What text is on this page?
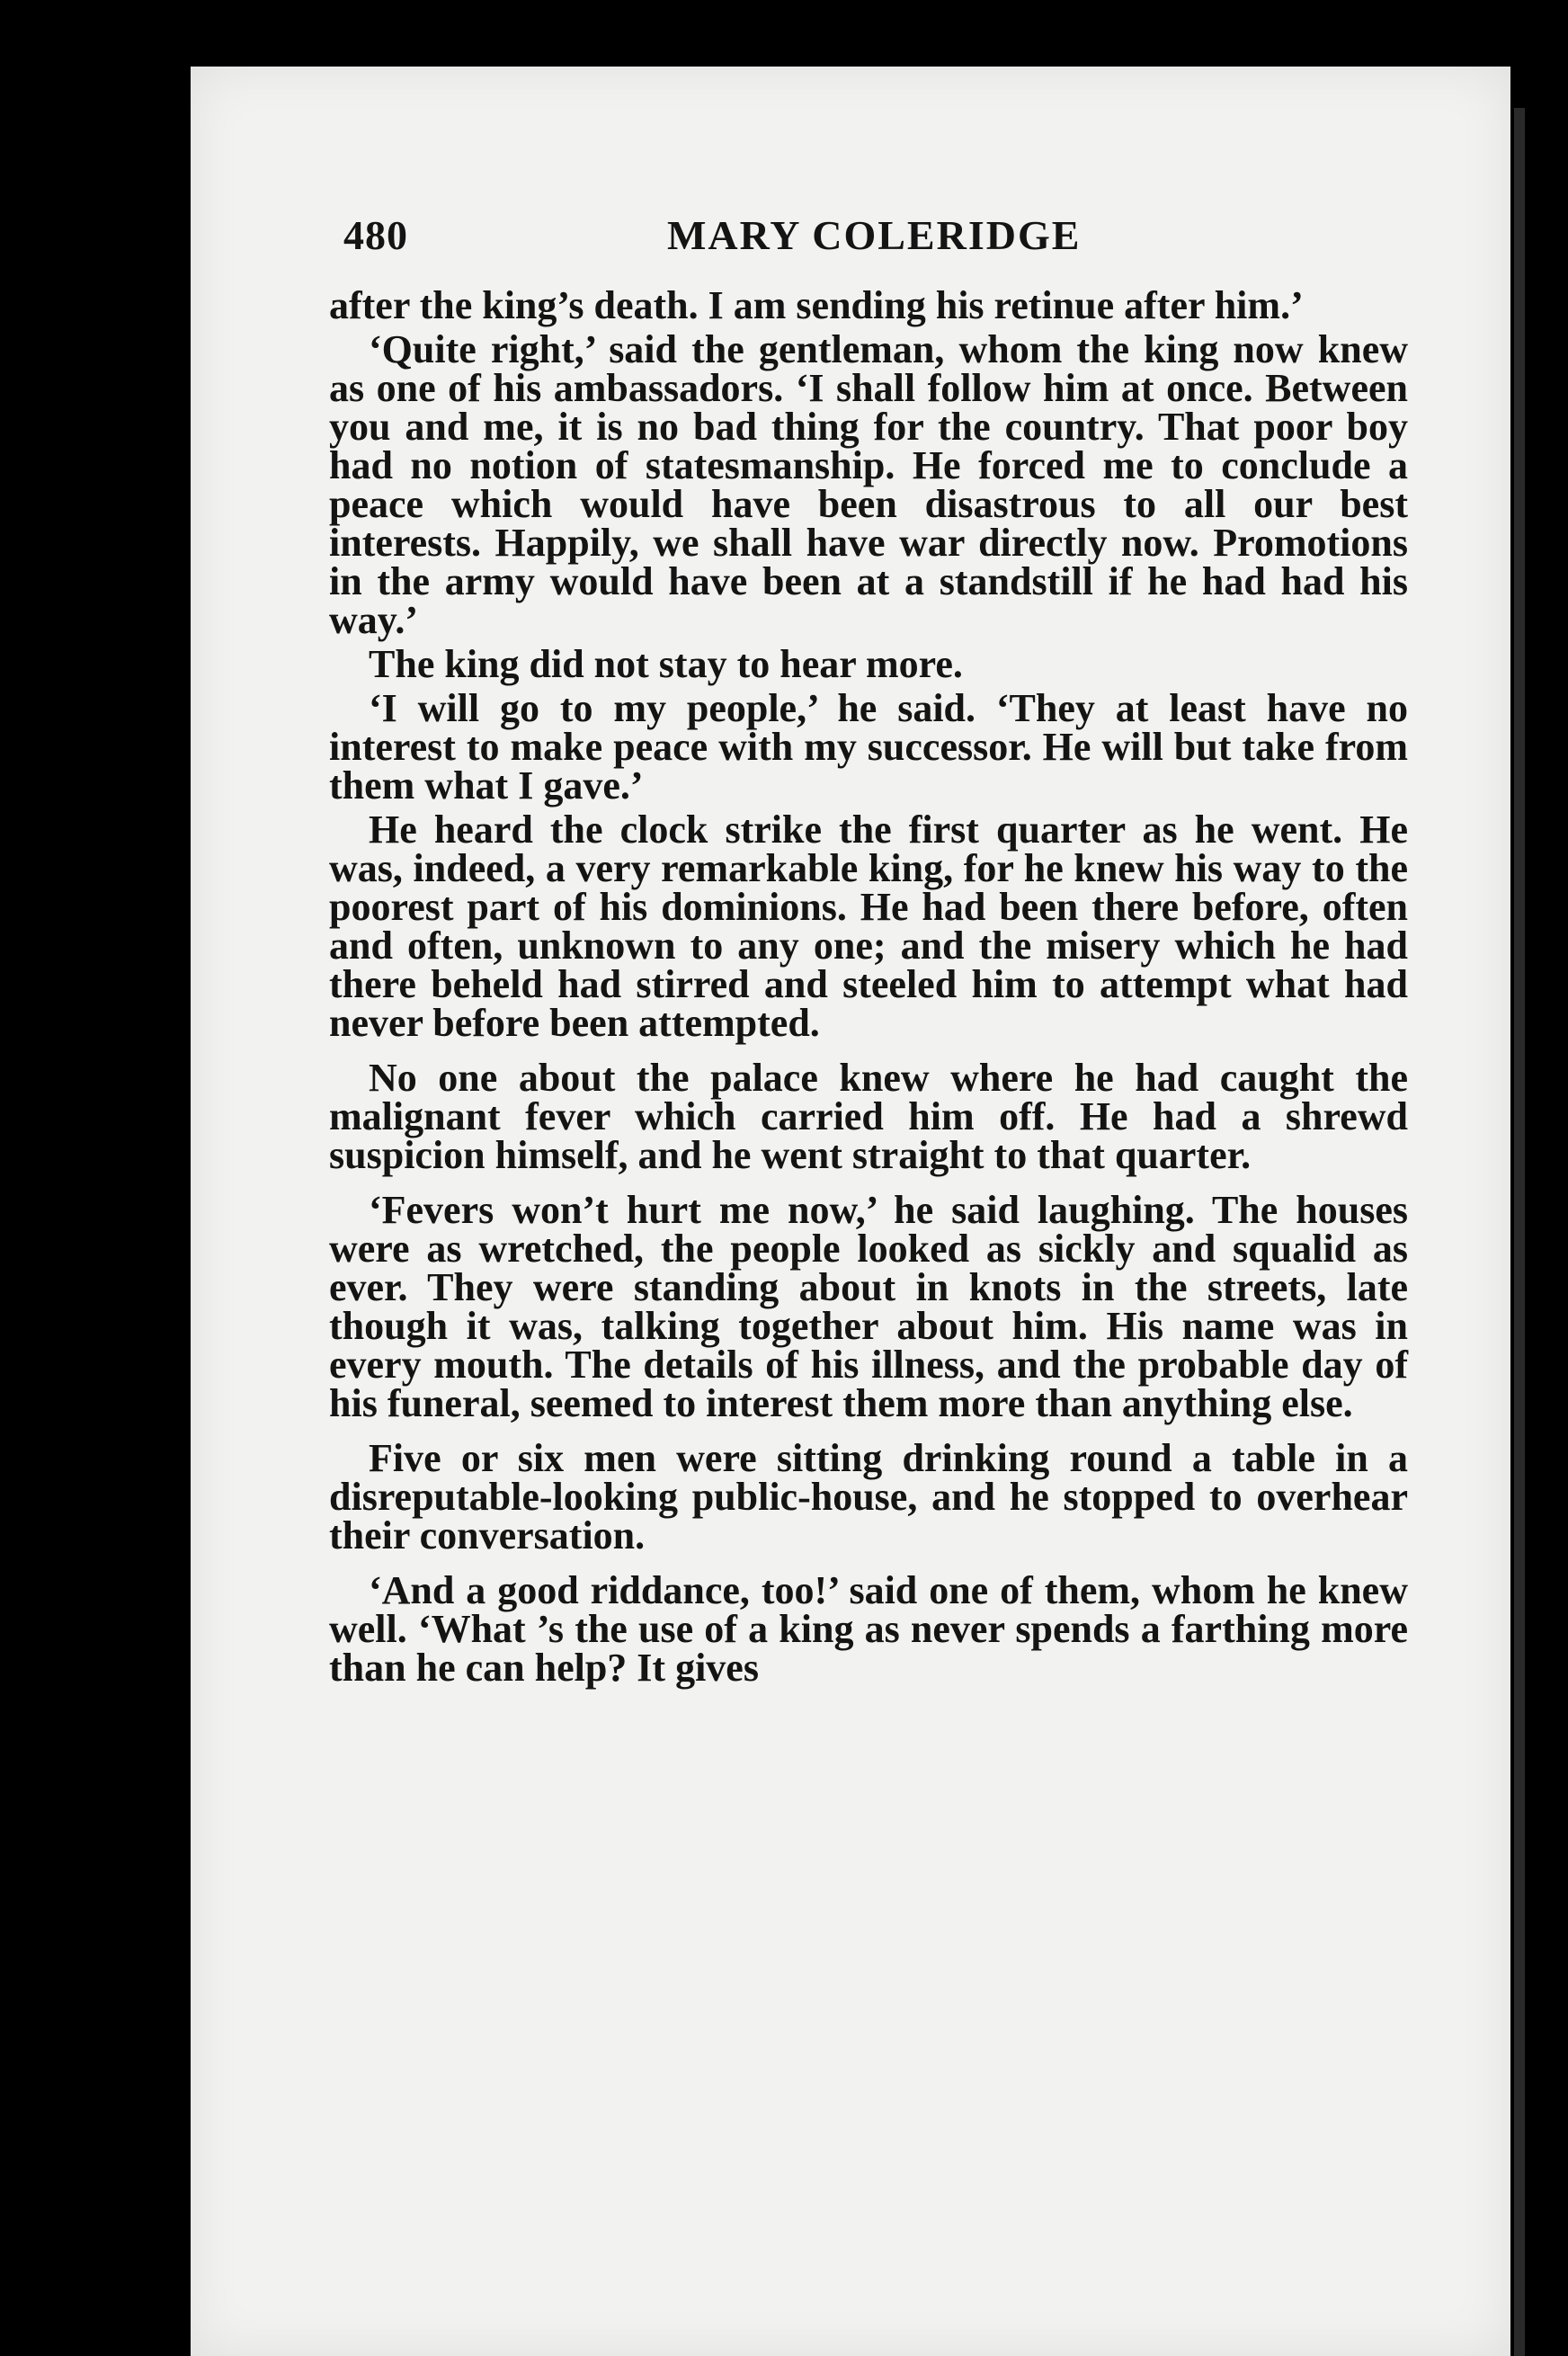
480	MARY COLERIDGE

after the king’s death. I am sending his retinue after him.’

‘Quite right,’ said the gentleman, whom the king now knew as one of his ambassadors. ‘I shall follow him at once. Between you and me, it is no bad thing for the country. That poor boy had no notion of statesmanship. He forced me to conclude a peace which would have been disastrous to all our best interests. Happily, we shall have war directly now. Promotions in the army would have been at a standstill if he had had his way.’

The king did not stay to hear more.

‘I will go to my people,’ he said. ‘They at least have no interest to make peace with my successor. He will but take from them what I gave.’

He heard the clock strike the first quarter as he went. He was, indeed, a very remarkable king, for he knew his way to the poorest part of his dominions. He had been there before, often and often, unknown to any one; and the misery which he had there beheld had stirred and steeled him to attempt what had never before been attempted.

No one about the palace knew where he had caught the malignant fever which carried him off. He had a shrewd suspicion himself, and he went straight to that quarter.

‘Fevers won’t hurt me now,’ he said laughing. The houses were as wretched, the people looked as sickly and squalid as ever. They were standing about in knots in the streets, late though it was, talking together about him. His name was in every mouth. The details of his illness, and the probable day of his funeral, seemed to interest them more than anything else.

Five or six men were sitting drinking round a table in a disreputable-looking public-house, and he stopped to overhear their conversation.

‘And a good riddance, too!’ said one of them, whom he knew well. ‘What ’s the use of a king as never spends a farthing more than he can help? It gives
